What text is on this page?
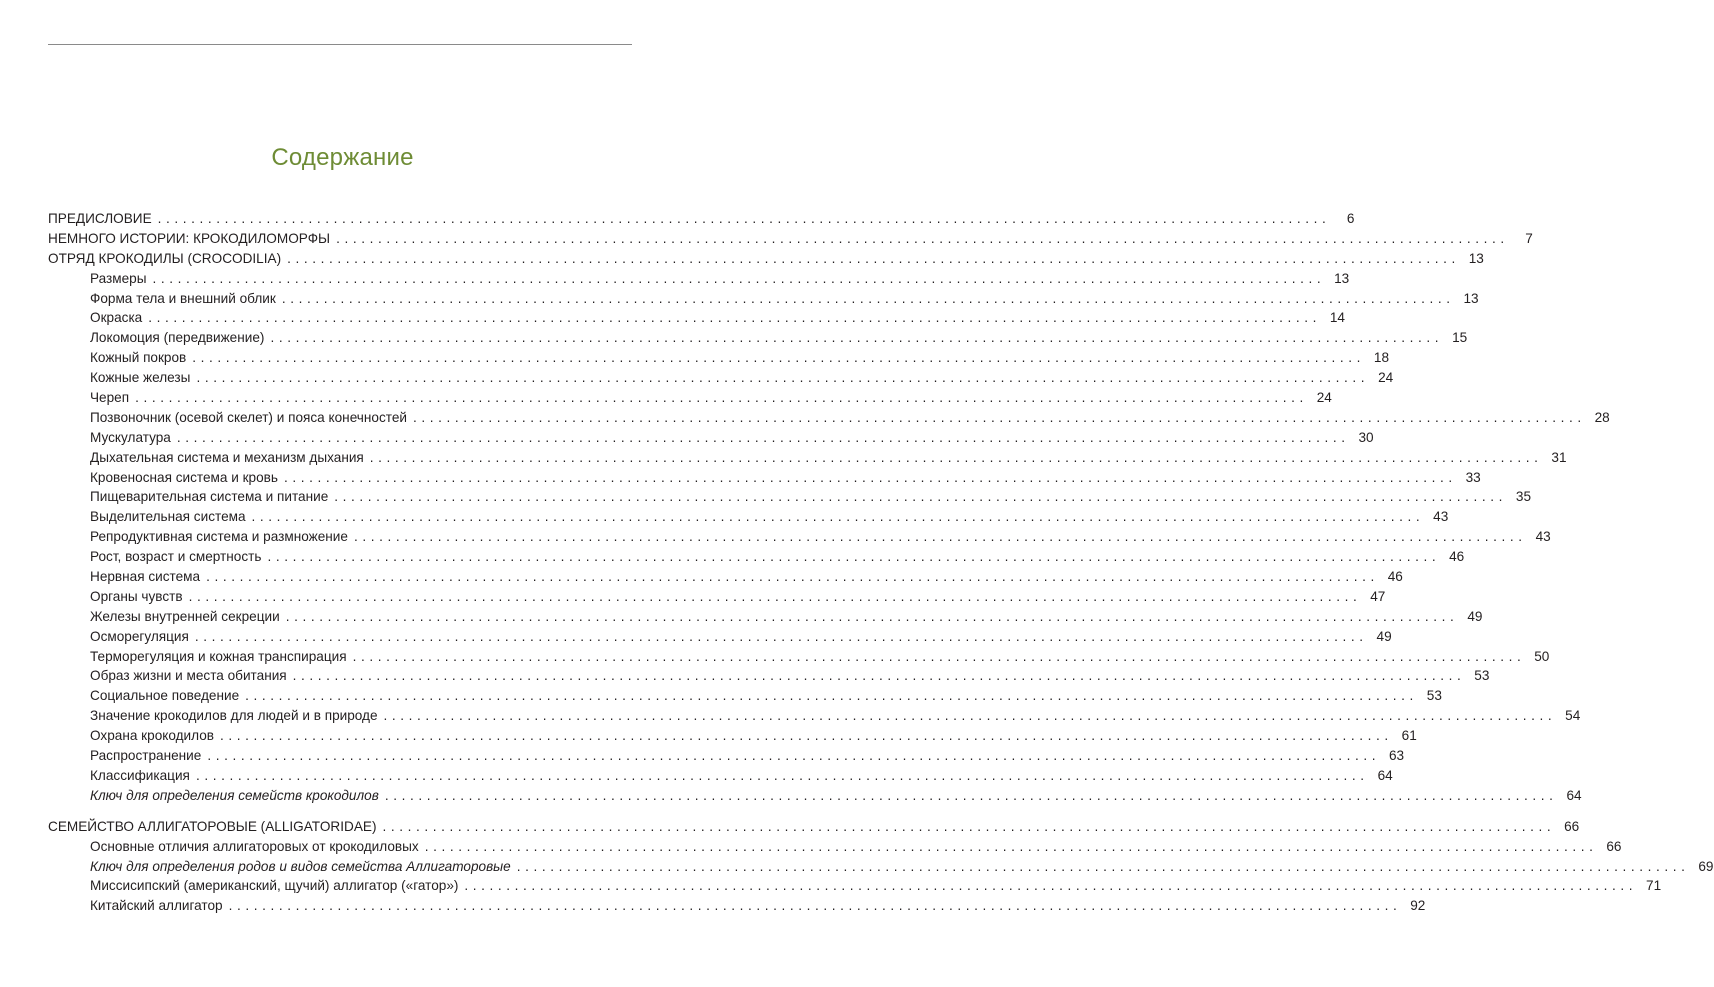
Содержание
ПРЕДИСЛОВИЕ ............................................................................................................................................	6
НЕМНОГО ИСТОРИИ: КРОКОДИЛОМОРФЫ ............................................................................................................................................	7
ОТРЯД КРОКОДИЛЫ (CROCODILIA) ............................................................................................................................................ 13
Размеры ............................................................................................................................................ 13
Форма тела и внешний облик ............................................................................................................................................ 13
Окраска ............................................................................................................................................ 14
Локомоция (передвижение) ............................................................................................................................................ 15
Кожный покров ............................................................................................................................................ 18
Кожные железы ............................................................................................................................................ 24
Череп ............................................................................................................................................ 24
Позвоночник (осевой скелет) и пояса конечностей ............................................................................................................................................ 28
Мускулатура ............................................................................................................................................ 30
Дыхательная система и механизм дыхания ............................................................................................................................................ 31
Кровеносная система и кровь ............................................................................................................................................ 33
Пищеварительная система и питание ............................................................................................................................................ 35
Выделительная система ............................................................................................................................................ 43
Репродуктивная система и размножение ............................................................................................................................................ 43
Рост, возраст и смертность ............................................................................................................................................ 46
Нервная система ............................................................................................................................................ 46
Органы чувств ............................................................................................................................................ 47
Железы внутренней секреции ............................................................................................................................................ 49
Осморегуляция ............................................................................................................................................ 49
Терморегуляция и кожная транспирация ............................................................................................................................................ 50
Образ жизни и места обитания ............................................................................................................................................ 53
Социальное поведение ............................................................................................................................................ 53
Значение крокодилов для людей и в природе ............................................................................................................................................ 54
Охрана крокодилов ............................................................................................................................................ 61
Распространение ............................................................................................................................................ 63
Классификация ............................................................................................................................................ 64
Ключ для определения семейств крокодилов ............................................................................................................................................ 64
СЕМЕЙСТВО АЛЛИГАТОРОВЫЕ (ALLIGATORIDAE) ............................................................................................................................................ 66
Основные отличия аллигаторовых от крокодиловых ............................................................................................................................................ 66
Ключ для определения родов и видов семейства Аллигаторовые ............................................................................................................................................ 69
Миссисипский (американский, щучий) аллигатор («гатор») ............................................................................................................................................ 71
Китайский аллигатор ............................................................................................................................................ 92
